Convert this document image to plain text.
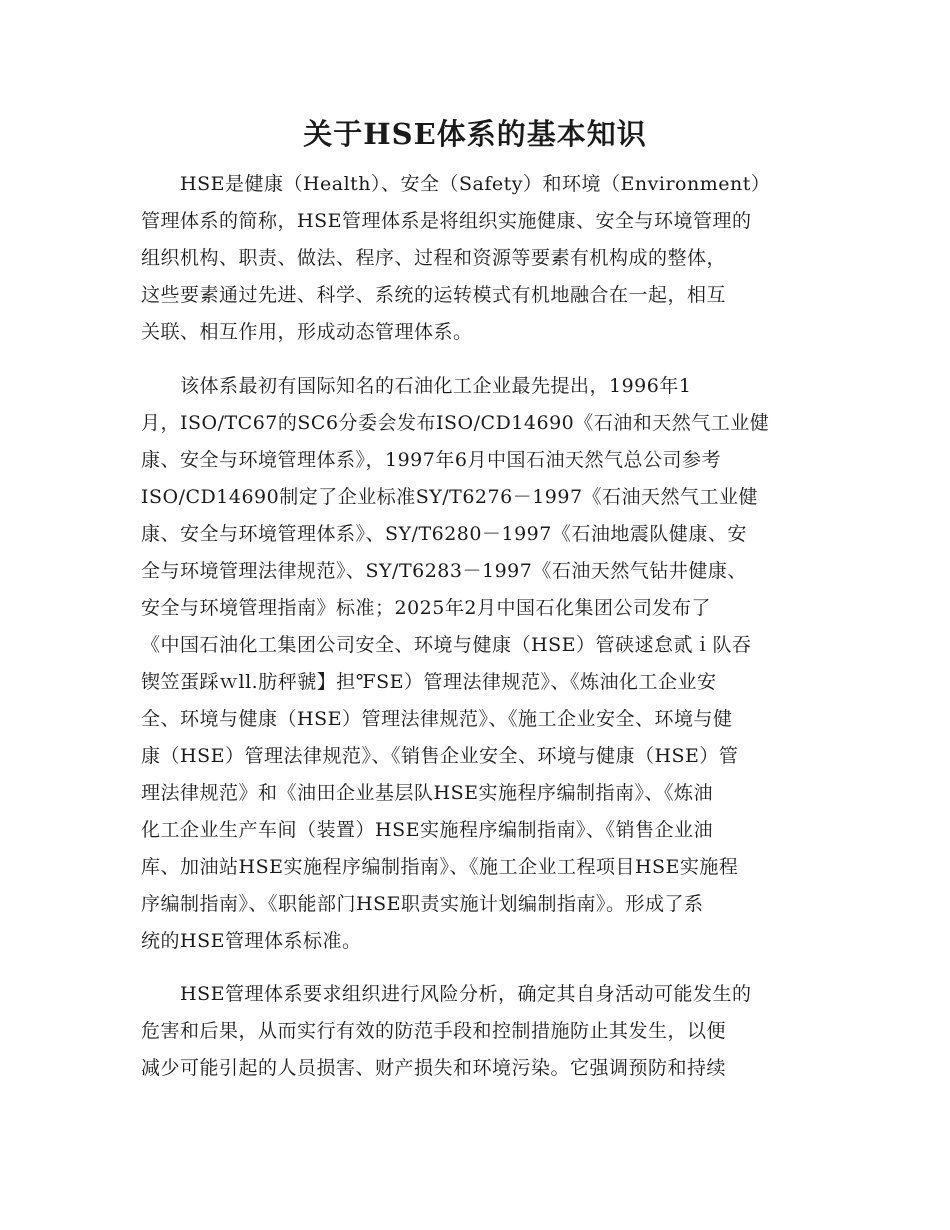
关于HSE体系的基本知识
　　HSE是健康（Health）、安全（Safety）和环境（Environment）
管理体系的简称，HSE管理体系是将组织实施健康、安全与环境管理的
组织机构、职责、做法、程序、过程和资源等要素有机构成的整体，
这些要素通过先进、科学、系统的运转模式有机地融合在一起，相互
关联、相互作用，形成动态管理体系。
　　该体系最初有国际知名的石油化工企业最先提出，1996年1
月，ISO/TC67的SC6分委会发布ISO/CD14690《石油和天然气工业健
康、安全与环境管理体系》，1997年6月中国石油天然气总公司参考
ISO/CD14690制定了企业标准SY/T6276－1997《石油天然气工业健
康、安全与环境管理体系》、SY/T6280－1997《石油地震队健康、安
全与环境管理法律规范》、SY/T6283－1997《石油天然气钻井健康、
安全与环境管理指南》标准；2025年2月中国石化集团公司发布了
《中国石油化工集团公司安全、环境与健康（HSE）管硖逑怠贰ｉ队吞
锲笠蛋踩ｗll.肪秤虢】担℉SE）管理法律规范》、《炼油化工企业安
全、环境与健康（HSE）管理法律规范》、《施工企业安全、环境与健
康（HSE）管理法律规范》、《销售企业安全、环境与健康（HSE）管
理法律规范》和《油田企业基层队HSE实施程序编制指南》、《炼油
化工企业生产车间（装置）HSE实施程序编制指南》、《销售企业油
库、加油站HSE实施程序编制指南》、《施工企业工程项目HSE实施程
序编制指南》、《职能部门HSE职责实施计划编制指南》。形成了系
统的HSE管理体系标准。
　　HSE管理体系要求组织进行风险分析，确定其自身活动可能发生的
危害和后果，从而实行有效的防范手段和控制措施防止其发生，以便
减少可能引起的人员损害、财产损失和环境污染。它强调预防和持续
